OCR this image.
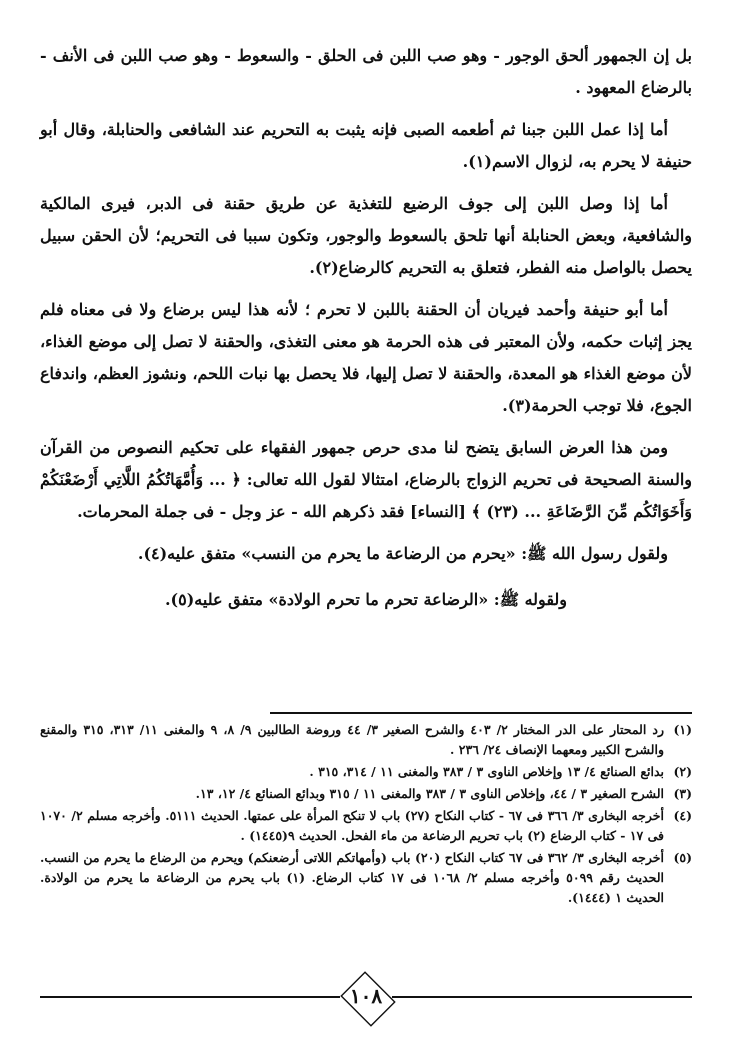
بل إن الجمهور ألحق الوجور - وهو صب اللبن فى الحلق - والسعوط - وهو صب اللبن فى الأنف - بالرضاع المعهود .

أما إذا عمل اللبن جبنا ثم أطعمه الصبى فإنه يثبت به التحريم عند الشافعى والحنابلة، وقال أبو حنيفة لا يحرم به، لزوال الاسم(١).

أما إذا وصل اللبن إلى جوف الرضيع للتغذية عن طريق حقنة فى الدبر، فيرى المالكية والشافعية، وبعض الحنابلة أنها تلحق بالسعوط والوجور، وتكون سببا فى التحريم؛ لأن الحقن سبيل يحصل بالواصل منه الفطر، فتعلق به التحريم كالرضاع(٢).

أما أبو حنيفة وأحمد فيريان أن الحقنة باللبن لا تحرم ؛ لأنه هذا ليس برضاع ولا فى معناه فلم يجز إثبات حكمه، ولأن المعتبر فى هذه الحرمة هو معنى التغذى، والحقنة لا تصل إلى موضع الغذاء، لأن موضع الغذاء هو المعدة، والحقنة لا تصل إليها، فلا يحصل بها نبات اللحم، ونشوز العظم، واندفاع الجوع، فلا توجب الحرمة(٣).

ومن هذا العرض السابق يتضح لنا مدى حرص جمهور الفقهاء على تحكيم النصوص من القرآن والسنة الصحيحة فى تحريم الزواج بالرضاع، امتثالا لقول الله تعالى: ﴿ ... وَأُمَّهَاتُكُمُ اللَّاتِي أَرْضَعْنَكُمْ وَأَخَوَاتُكُم مِّنَ الرَّضَاعَةِ ... (٢٣) ﴾ [النساء] فقد ذكرهم الله - عز وجل - فى جملة المحرمات.

ولقول رسول الله ﷺ: «يحرم من الرضاعة ما يحرم من النسب» متفق عليه(٤).

ولقوله ﷺ: «الرضاعة تحرم ما تحرم الولادة» متفق عليه(٥).

(١)
رد المحتار على الدر المختار ٢/ ٤٠٣ والشرح الصغير ٣/ ٤٤ وروضة الطالبين ٩/ ٨، ٩ والمغنى ١١/ ٣١٣، ٣١٥ والمقنع والشرح الكبير ومعهما الإنصاف ٢٤/ ٢٣٦ .
(٢)
بدائع الصنائع ٤/ ١٣ وإخلاص الناوى ٣ / ٣٨٣ والمغنى ١١ / ٣١٤، ٣١٥ .
(٣)
الشرح الصغير ٣ / ٤٤، وإخلاص الناوى ٣ / ٣٨٣ والمغنى ١١ / ٣١٥ وبدائع الصنائع ٤/ ١٢، ١٣.
(٤)
أخرجه البخارى ٣/ ٣٦٦ فى ٦٧ - كتاب النكاح (٢٧) باب لا تنكح المرأة على عمتها. الحديث ٥١١١. وأخرجه مسلم ٢/ ١٠٧٠ فى ١٧ - كتاب الرضاع (٢) باب تحريم الرضاعة من ماء الفحل. الحديث ٩(١٤٤٥) .
(٥)
أخرجه البخارى ٣/ ٣٦٢ فى ٦٧ كتاب النكاح (٢٠) باب (وأمهاتكم اللاتى أرضعنكم) ويحرم من الرضاع ما يحرم من النسب. الحديث رقم ٥٠٩٩ وأخرجه مسلم ٢/ ١٠٦٨ فى ١٧ كتاب الرضاع. (١) باب يحرم من الرضاعة ما يحرم من الولادة. الحديث ١ (١٤٤٤).
١٠٨
